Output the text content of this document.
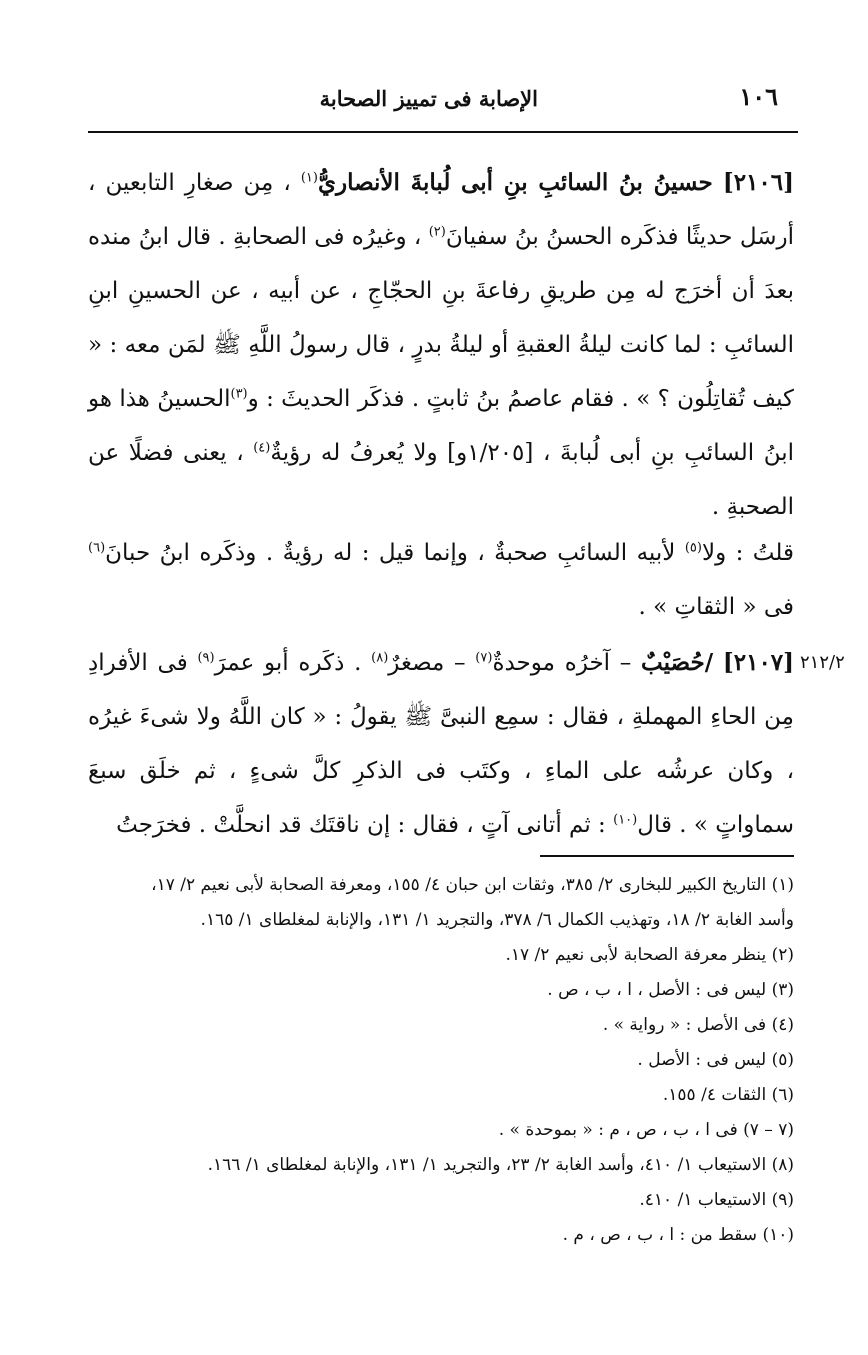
الإصابة فى تمييز الصحابة	١٠٦

[٢١٠٦] حسينُ بنُ السائبِ بنِ أبى لُبابةَ الأنصاريُّ$^{(١)}$ ، مِن صغارِ التابعين ، أرسَل حديثًا فذكَره الحسنُ بنُ سفيانَ$^{(٢)}$ ، وغيرُه فى الصحابةِ . قال ابنُ منده بعدَ أن أخرَج له مِن طريقِ رفاعةَ بنِ الحجّاجِ ، عن أبيه ، عن الحسينِ ابنِ السائبِ : لما كانت ليلةُ العقبةِ أو ليلةُ بدرٍ ، قال رسولُ اللَّهِ ﷺ لمَن معه : « كيف تُقاتِلُون ؟ » . فقام عاصمُ بنُ ثابتٍ . فذكَر الحديثَ : و$^{(٣)}$الحسينُ هذا هو ابنُ السائبِ بنِ أبى لُبابةَ ، [١/٢٠٥و] ولا يُعرفُ له رؤيةٌ$^{(٤)}$ ، يعنى فضلًا عن الصحبةِ .

قلتُ : ولا$^{(٥)}$ لأبيه السائبِ صحبةٌ ، وإنما قيل : له رؤيةٌ . وذكَره ابنُ حبانَ$^{(٦)}$ فى « الثقاتِ » .

٢١٢/٢

[٢١٠٧] /حُصَيْبٌ – آخرُه موحدةٌ$^{(٧)}$ – مصغرٌ$^{(٨)}$ . ذكَره أبو عمرَ$^{(٩)}$ فى الأفرادِ مِن الحاءِ المهملةِ ، فقال : سمِع النبىَّ ﷺ يقولُ : « كان اللَّهُ ولا شىءَ غيرُه ، وكان عرشُه على الماءِ ، وكتَب فى الذكرِ كلَّ شىءٍ ، ثم خلَق سبعَ سماواتٍ » . قال$^{(١٠)}$ : ثم أتانى آتٍ ، فقال : إن ناقتَك قد انحلَّتْ . فخرَجتُ

(١) التاريخ الكبير للبخارى ٢/ ٣٨٥، وثقات ابن حبان ٤/ ١٥٥، ومعرفة الصحابة لأبى نعيم ٢/ ١٧، وأسد الغابة ٢/ ١٨، وتهذيب الكمال ٦/ ٣٧٨، والتجريد ١/ ١٣١، والإنابة لمغلطاى ١/ ١٦٥.

(٢) ينظر معرفة الصحابة لأبى نعيم ٢/ ١٧.

(٣) ليس فى : الأصل ، ا ، ب ، ص .

(٤) فى الأصل : « رواية » .

(٥) ليس فى : الأصل .

(٦) الثقات ٤/ ١٥٥.

(٧ – ٧) فى ا ، ب ، ص ، م : « بموحدة » .

(٨) الاستيعاب ١/ ٤١٠، وأسد الغابة ٢/ ٢٣، والتجريد ١/ ١٣١، والإنابة لمغلطاى ١/ ١٦٦.

(٩) الاستيعاب ١/ ٤١٠.

(١٠) سقط من : ا ، ب ، ص ، م .
